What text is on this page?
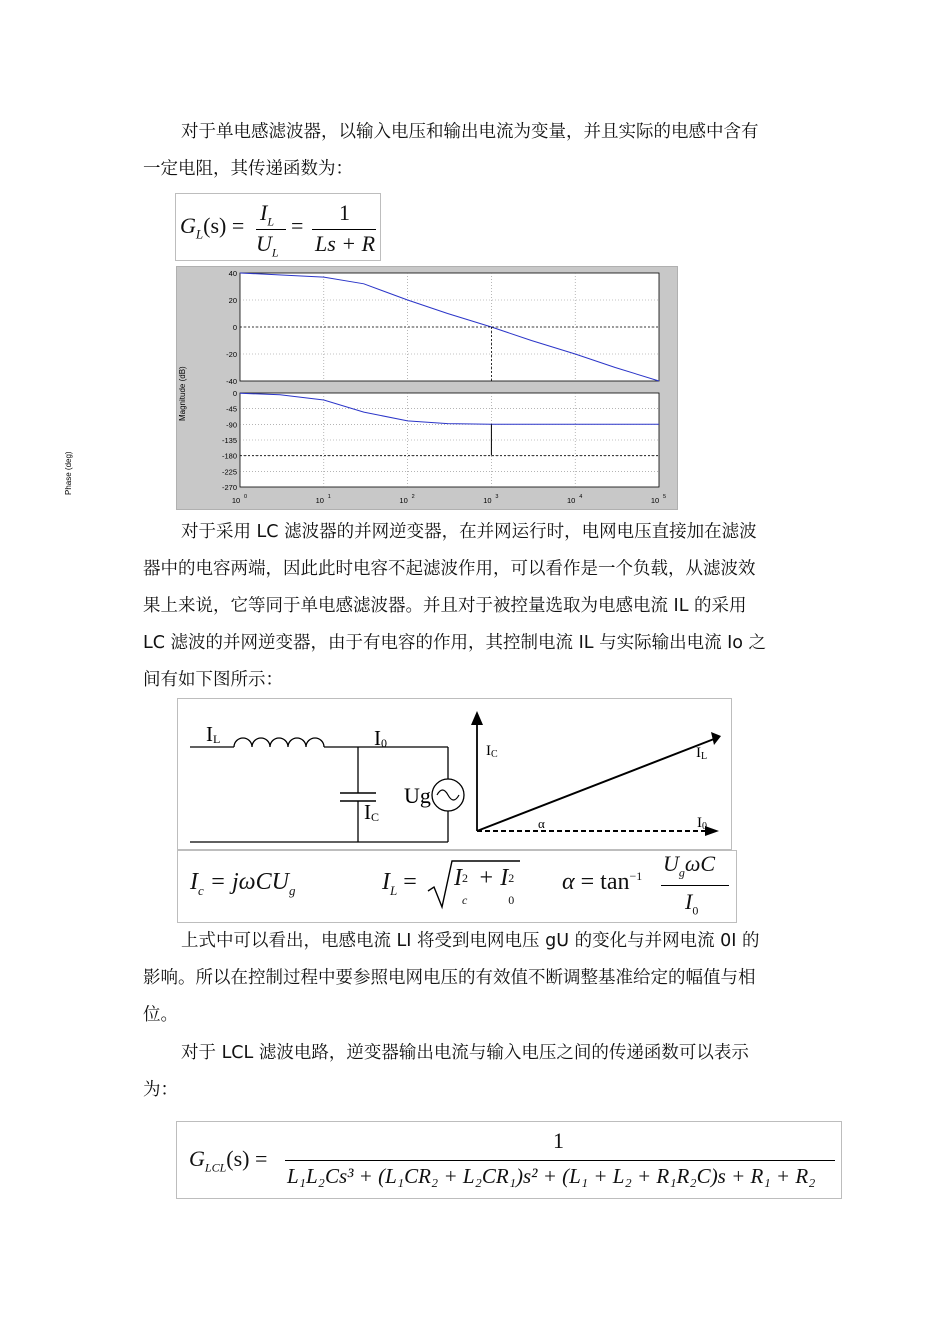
对于单电感滤波器，以输入电压和输出电流为变量，并且实际的电感中含有
一定电阻，其传递函数为：
$G_L(s)$ =
$I_L$
$U_L$
=
1
Ls + R
40
20
0
-20
-40
0
-45
-90
-135
-180
-225
-270
10 0	10 1	10 2	10 3	10 4	10 5
Magnitude (dB)
Phase (deg)
对于采用 LC 滤波器的并网逆变器，在并网运行时，电网电压直接加在滤波
器中的电容两端，因此此时电容不起滤波作用，可以看作是一个负载，从滤波效
果上来说，它等同于单电感滤波器。并且对于被控量选取为电感电流 IL 的采用
LC 滤波的并网逆变器，由于有电容的作用，其控制电流 IL 与实际输出电流 Io 之
间有如下图所示：
IL	I0
IC
Ug
IC	IL
I0
α
$I_c = j\omega CU_g$	$I_L = I$ 2
c
+ I 2
0
$\alpha = \tan^{-1} U_g\omega C$
$I_0$
上式中可以看出，电感电流 LI 将受到电网电压 gU 的变化与并网电流 0I 的
影响。所以在控制过程中要参照电网电压的有效值不断调整基准给定的幅值与相
位。
对于 LCL 滤波电路，逆变器输出电流与输入电压之间的传递函数可以表示
为：
$G_{LCL}(s)$ =
1
L₁L₂Cs³ + (L₁CR₂ + L₂CR₁)s² + (L₁ + L₂ + R₁R₂C)s + R₁ + R₂
